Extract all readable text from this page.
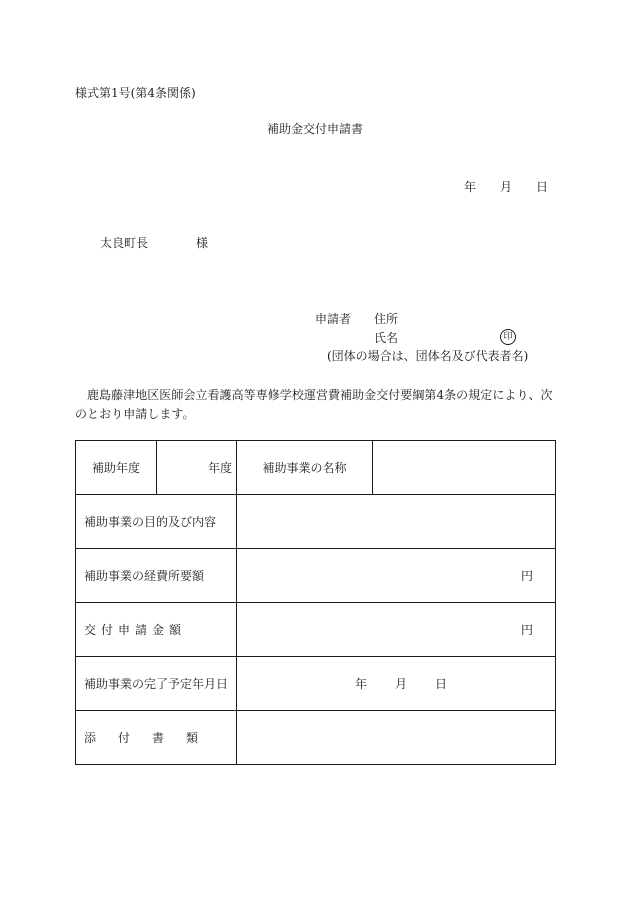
様式第1号(第4条関係)
補助金交付申請書
年 月 日
太良町長	様
申請者 住所
氏名	印
(団体の場合は、団体名及び代表者名)
鹿島藤津地区医師会立看護高等専修学校運営費補助金交付要綱第4条の規定により、次のとおり申請します。
補助年度	年度	補助事業の名称	
補助事業の目的及び内容			
補助事業の経費所要額		円	
交付申請金額		円	
補助事業の完了予定年月日		年 月 日	

添付書類			
